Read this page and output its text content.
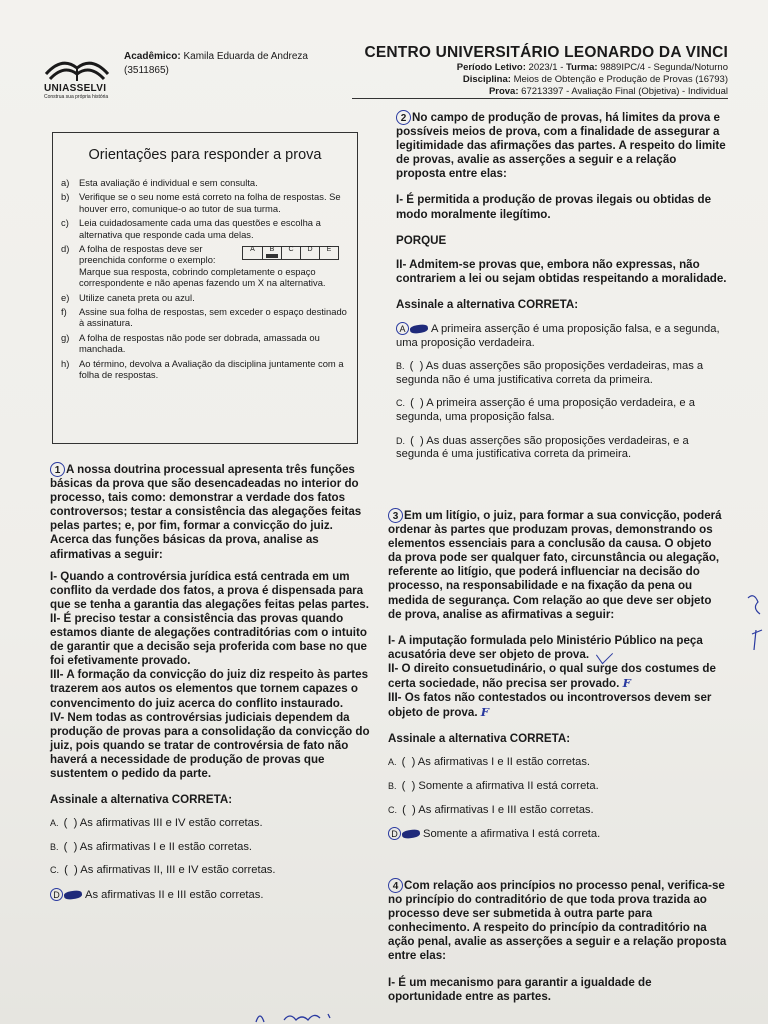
UNIASSELVI
Construa sua própria história
Acadêmico: Kamila Eduarda de Andreza
(3511865)
CENTRO UNIVERSITÁRIO LEONARDO DA VINCI
Período Letivo: 2023/1 - Turma: 9889IPC/4 - Segunda/Noturno
Disciplina: Meios de Obtenção e Produção de Provas (16793)
Prova: 67213397 - Avaliação Final (Objetiva) - Individual
Orientações para responder a prova
a)	Esta avaliação é individual e sem consulta.
b)	Verifique se o seu nome está correto na folha de respostas. Se houver erro, comunique-o ao tutor de sua turma.
c)	Leia cuidadosamente cada uma das questões e escolha a alternativa que responde cada uma delas.
d)	A	B	C	D	E
A folha de respostas deve ser preenchida conforme o exemplo: Marque sua resposta, cobrindo completamente o espaço correspondente e não apenas fazendo um X na alternativa.
e)	Utilize caneta preta ou azul.
f)	Assine sua folha de respostas, sem exceder o espaço destinado à assinatura.
g)	A folha de respostas não pode ser dobrada, amassada ou manchada.
h)	Ao término, devolva a Avaliação da disciplina juntamente com a folha de respostas.
1 A nossa doutrina processual apresenta três funções básicas da prova que são desencadeadas no interior do processo, tais como: demonstrar a verdade dos fatos controversos; testar a consistência das alegações feitas pelas partes; e, por fim, formar a convicção do juiz. Acerca das funções básicas da prova, analise as afirmativas a seguir:
I- Quando a controvérsia jurídica está centrada em um conflito da verdade dos fatos, a prova é dispensada para que se tenha a garantia das alegações feitas pelas partes.
II- É preciso testar a consistência das provas quando estamos diante de alegações contraditórias com o intuito de garantir que a decisão seja proferida com base no que foi efetivamente provado.
III- A formação da convicção do juiz diz respeito às partes trazerem aos autos os elementos que tornem capazes o convencimento do juiz acerca do conflito instaurado.
IV- Nem todas as controvérsias judiciais dependem da produção de provas para a consolidação da convicção do juiz, pois quando se tratar de controvérsia de fato não haverá a necessidade de produção de provas que sustentem o pedido da parte.
Assinale a alternativa CORRETA:
A. (  ) As afirmativas III e IV estão corretas.
B. (  ) As afirmativas I e II estão corretas.
C. (  ) As afirmativas II, III e IV estão corretas.
D As afirmativas II e III estão corretas.
2 No campo de produção de provas, há limites da prova e possíveis meios de prova, com a finalidade de assegurar a legitimidade das afirmações das partes. A respeito do limite de provas, avalie as asserções a seguir e a relação proposta entre elas:
I- É permitida a produção de provas ilegais ou obtidas de modo moralmente ilegítimo.
PORQUE
II- Admitem-se provas que, embora não expressas, não contrariem a lei ou sejam obtidas respeitando a moralidade.
Assinale a alternativa CORRETA:
A A primeira asserção é uma proposição falsa, e a segunda, uma proposição verdadeira.
B. (  ) As duas asserções são proposições verdadeiras, mas a segunda não é uma justificativa correta da primeira.
C. (  ) A primeira asserção é uma proposição verdadeira, e a segunda, uma proposição falsa.
D. (  ) As duas asserções são proposições verdadeiras, e a segunda é uma justificativa correta da primeira.
3 Em um litígio, o juiz, para formar a sua convicção, poderá ordenar às partes que produzam provas, demonstrando os elementos essenciais para a conclusão da causa. O objeto da prova pode ser qualquer fato, circunstância ou alegação, referente ao litígio, que poderá influenciar na decisão do processo, na responsabilidade e na fixação da pena ou medida de segurança. Com relação ao que deve ser objeto de prova, analise as afirmativas a seguir:
I- A imputação formulada pelo Ministério Público na peça acusatória deve ser objeto de prova.
II- O direito consuetudinário, o qual surge dos costumes de certa sociedade, não precisa ser provado. F
III- Os fatos não contestados ou incontroversos devem ser objeto de prova. F
Assinale a alternativa CORRETA:
A. (  ) As afirmativas I e II estão corretas.
B. (  ) Somente a afirmativa II está correta.
C. (  ) As afirmativas I e III estão corretas.
D Somente a afirmativa I está correta.
4 Com relação aos princípios no processo penal, verifica-se no princípio do contraditório de que toda prova trazida ao processo deve ser submetida à outra parte para conhecimento. A respeito do princípio da contraditório na ação penal, avalie as asserções a seguir e a relação proposta entre elas:
I- É um mecanismo para garantir a igualdade de oportunidade entre as partes.
